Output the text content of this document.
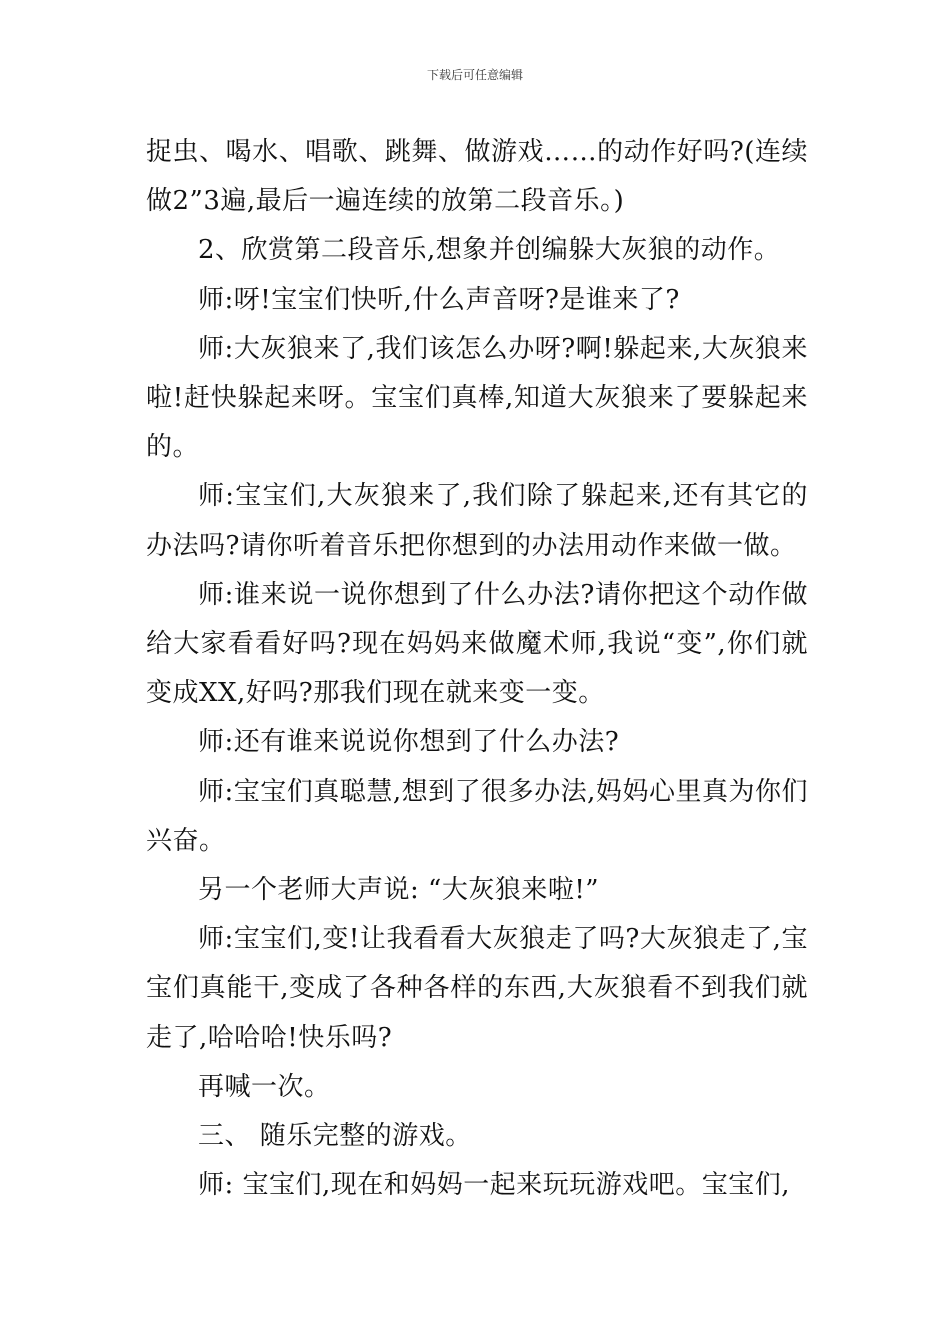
下载后可任意编辑

捉虫、喝水、唱歌、跳舞、做游戏……的动作好吗?(连续做2”3遍,最后一遍连续的放第二段音乐。)

2、欣赏第二段音乐,想象并创编躲大灰狼的动作。

师:呀!宝宝们快听,什么声音呀?是谁来了?

师:大灰狼来了,我们该怎么办呀?啊!躲起来,大灰狼来啦!赶快躲起来呀。宝宝们真棒,知道大灰狼来了要躲起来的。

师:宝宝们,大灰狼来了,我们除了躲起来,还有其它的办法吗?请你听着音乐把你想到的办法用动作来做一做。

师:谁来说一说你想到了什么办法?请你把这个动作做给大家看看好吗?现在妈妈来做魔术师,我说“变”,你们就变成XX,好吗?那我们现在就来变一变。

师:还有谁来说说你想到了什么办法?

师:宝宝们真聪慧,想到了很多办法,妈妈心里真为你们兴奋。

另一个老师大声说: “大灰狼来啦!”

师:宝宝们,变!让我看看大灰狼走了吗?大灰狼走了,宝宝们真能干,变成了各种各样的东西,大灰狼看不到我们就走了,哈哈哈!快乐吗?

再喊一次。

三、 随乐完整的游戏。

师: 宝宝们,现在和妈妈一起来玩玩游戏吧。宝宝们,
